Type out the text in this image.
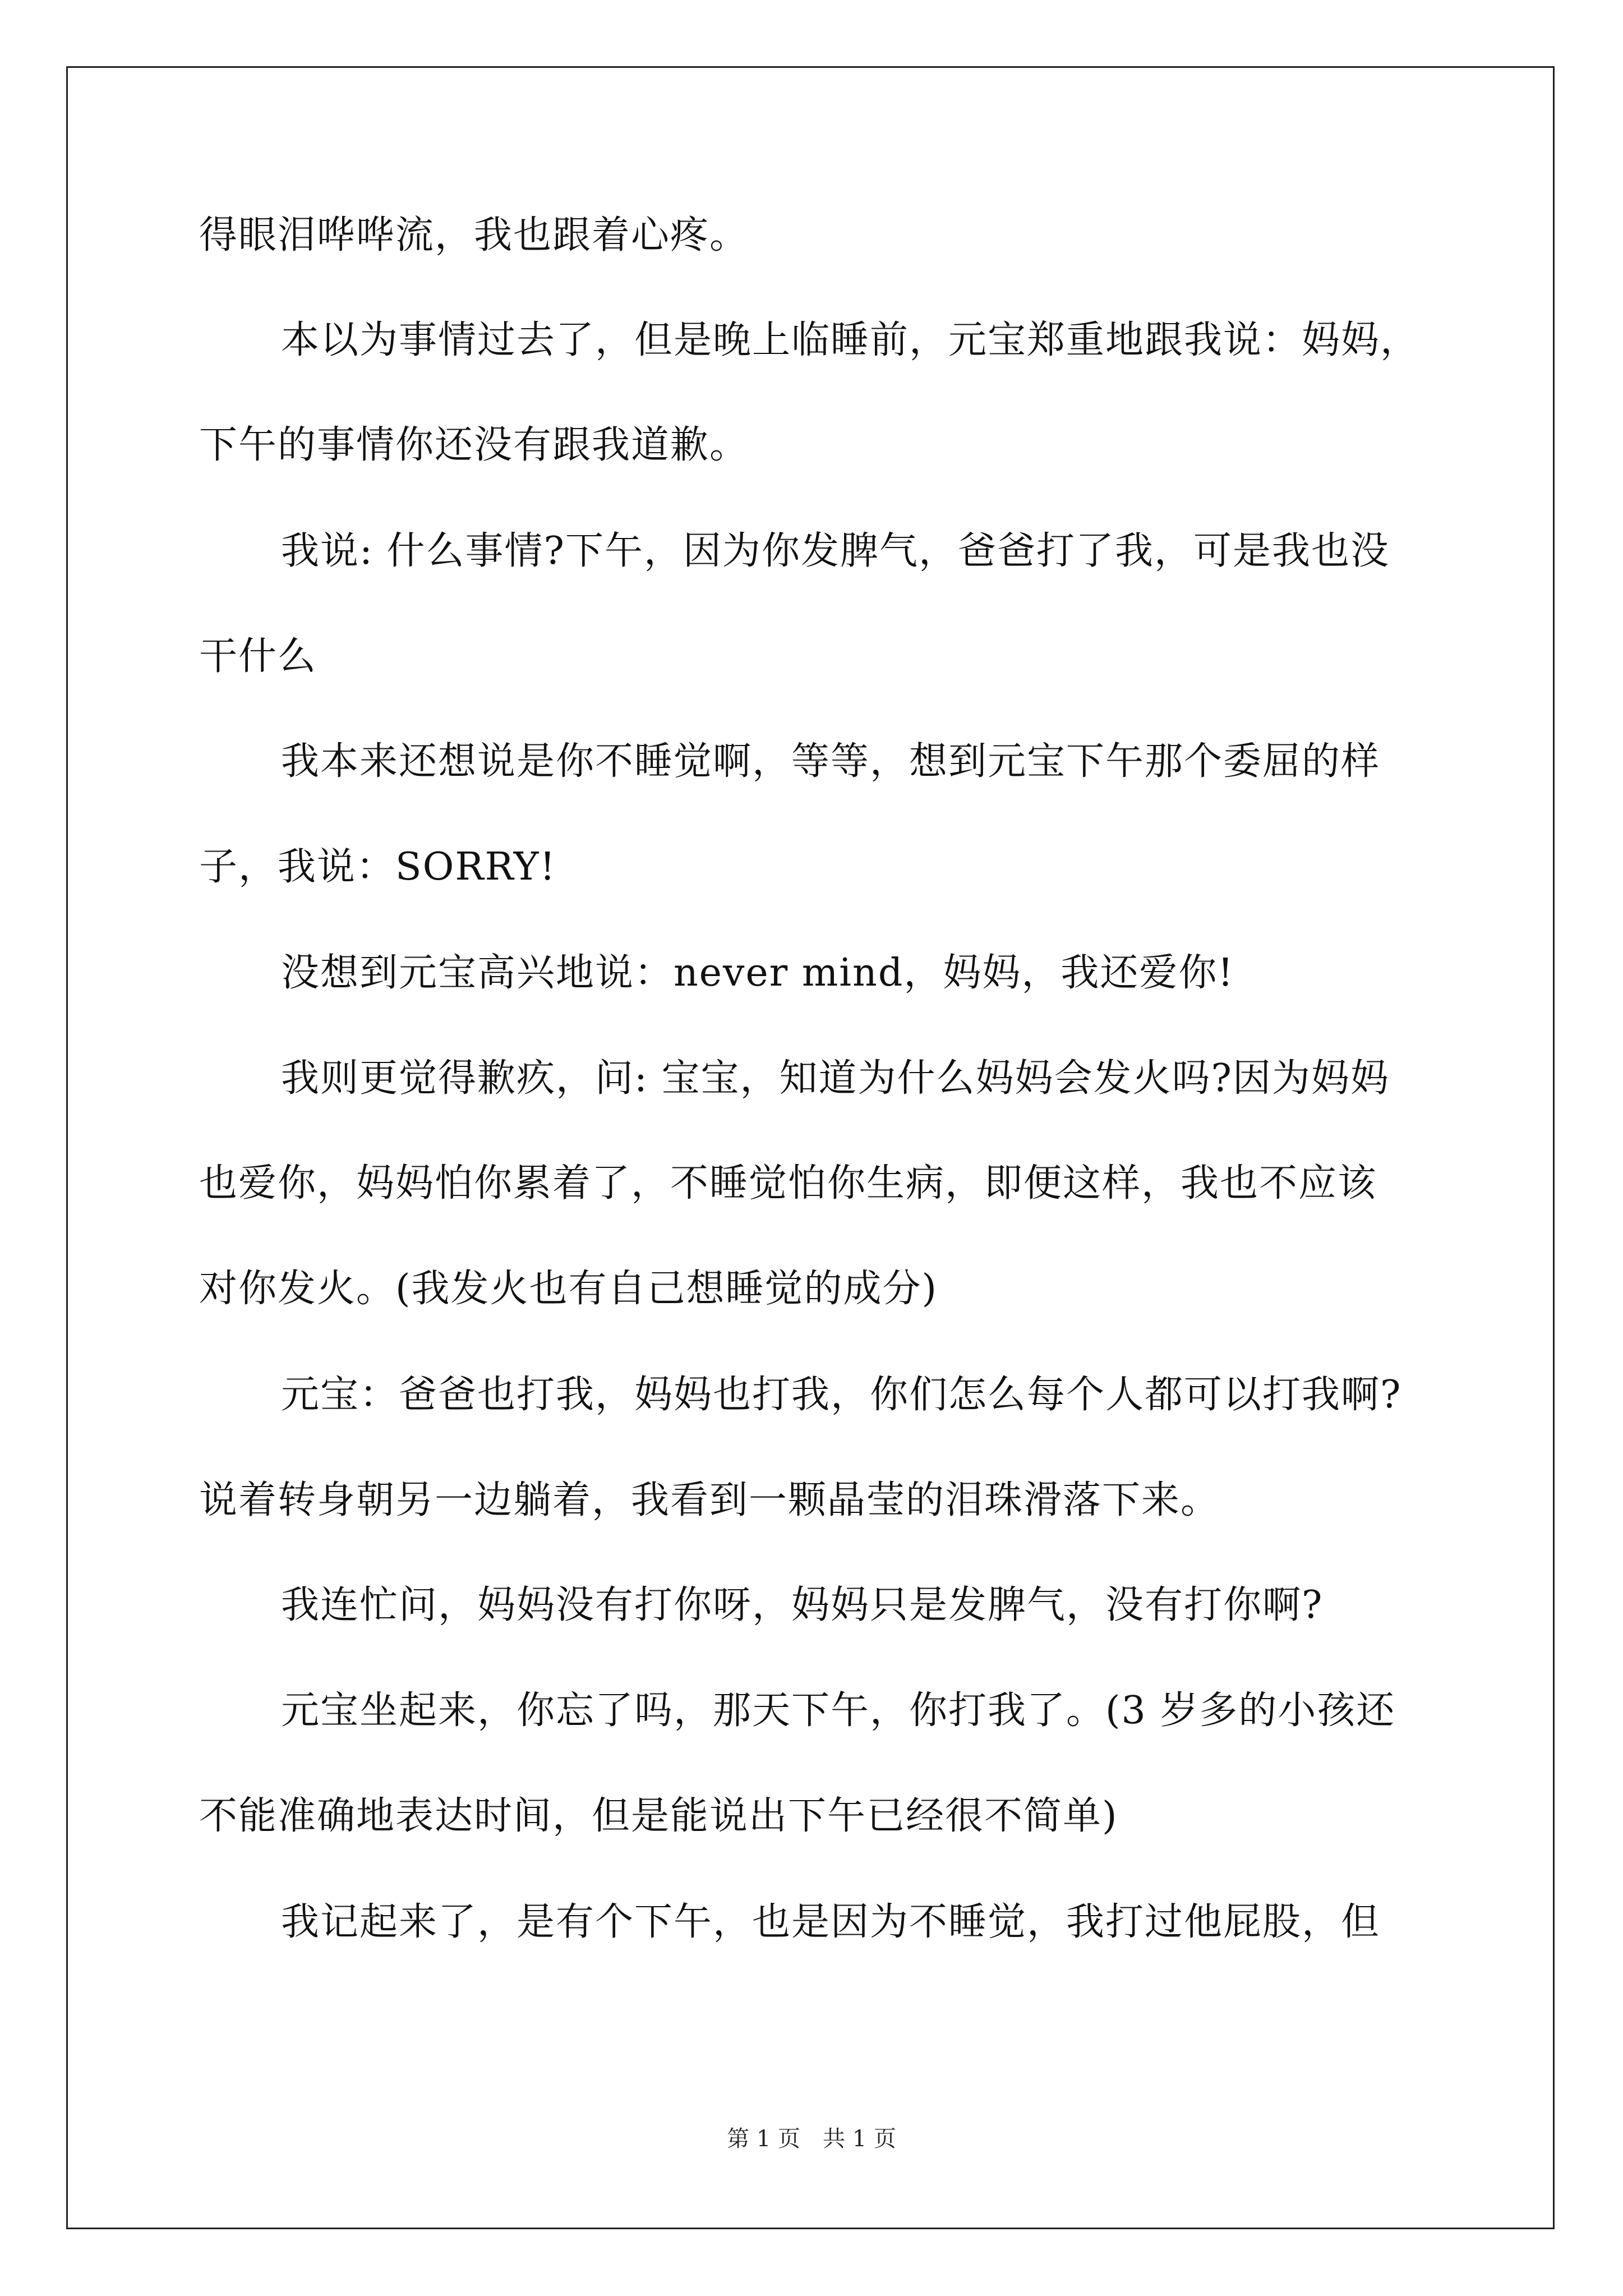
得眼泪哗哗流，我也跟着心疼。
本以为事情过去了，但是晚上临睡前，元宝郑重地跟我说：妈妈，
下午的事情你还没有跟我道歉。
我说: 什么事情?下午，因为你发脾气，爸爸打了我，可是我也没
干什么
我本来还想说是你不睡觉啊，等等，想到元宝下午那个委屈的样
子，我说：SORRY!
没想到元宝高兴地说：never mind，妈妈，我还爱你!
我则更觉得歉疚，问: 宝宝，知道为什么妈妈会发火吗?因为妈妈
也爱你，妈妈怕你累着了，不睡觉怕你生病，即便这样，我也不应该
对你发火。(我发火也有自己想睡觉的成分)
元宝：爸爸也打我，妈妈也打我，你们怎么每个人都可以打我啊?
说着转身朝另一边躺着，我看到一颗晶莹的泪珠滑落下来。
我连忙问，妈妈没有打你呀，妈妈只是发脾气，没有打你啊?
元宝坐起来，你忘了吗，那天下午，你打我了。(3 岁多的小孩还
不能准确地表达时间，但是能说出下午已经很不简单)
我记起来了，是有个下午，也是因为不睡觉，我打过他屁股，但
第 1 页 共 1 页
